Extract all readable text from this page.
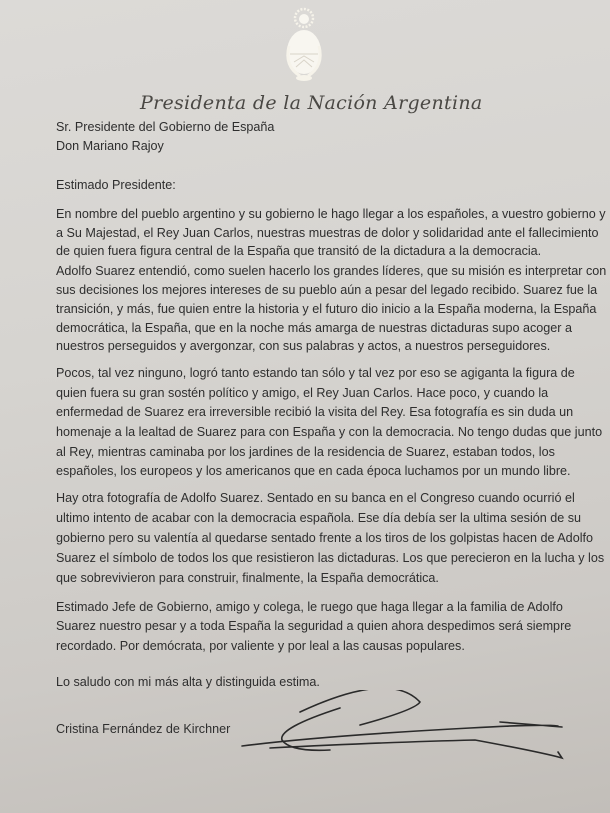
Presidenta de la Nación Argentina
Sr. Presidente del Gobierno de España
Don Mariano Rajoy
Estimado Presidente:
En nombre del pueblo argentino y su gobierno le hago llegar a los españoles, a vuestro gobierno y
a Su Majestad, el Rey Juan Carlos, nuestras muestras de dolor y solidaridad ante el fallecimiento
de quien fuera figura central de la España que transitó de la dictadura a la democracia.
Adolfo Suarez entendió, como suelen hacerlo los grandes líderes, que su misión es interpretar con
sus decisiones los mejores intereses de su pueblo aún a pesar del legado recibido. Suarez fue la
transición, y más, fue quien entre la historia y el futuro dio inicio a la España moderna, la España
democrática, la España, que en la noche más amarga de nuestras dictaduras supo acoger a
nuestros perseguidos y avergonzar, con sus palabras y actos, a nuestros perseguidores.
Pocos, tal vez ninguno, logró tanto estando tan sólo y tal vez por eso se agiganta la figura de
quien fuera su gran sostén político y amigo, el Rey Juan Carlos. Hace poco, y cuando la
enfermedad de Suarez era irreversible recibió la visita del Rey. Esa fotografía es sin duda un
homenaje a la lealtad de Suarez para con España y con la democracia. No tengo dudas que junto
al Rey, mientras caminaba por los jardines de la residencia de Suarez, estaban todos, los
españoles, los europeos y los americanos que en cada época luchamos por un mundo libre.
Hay otra fotografía de Adolfo Suarez. Sentado en su banca en el Congreso cuando ocurrió el
ultimo intento de acabar con la democracia española. Ese día debía ser la ultima sesión de su
gobierno pero su valentía al quedarse sentado frente a los tiros de los golpistas hacen de Adolfo
Suarez el símbolo de todos los que resistieron las dictaduras. Los que perecieron en la lucha y los
que sobrevivieron para construir, finalmente, la España democrática.
Estimado Jefe de Gobierno, amigo y colega, le ruego que haga llegar a la familia de Adolfo
Suarez nuestro pesar y a toda España la seguridad a quien ahora despedimos será siempre
recordado. Por demócrata, por valiente y por leal a las causas populares.
Lo saludo con mi más alta y distinguida estima.
Cristina Fernández de Kirchner
